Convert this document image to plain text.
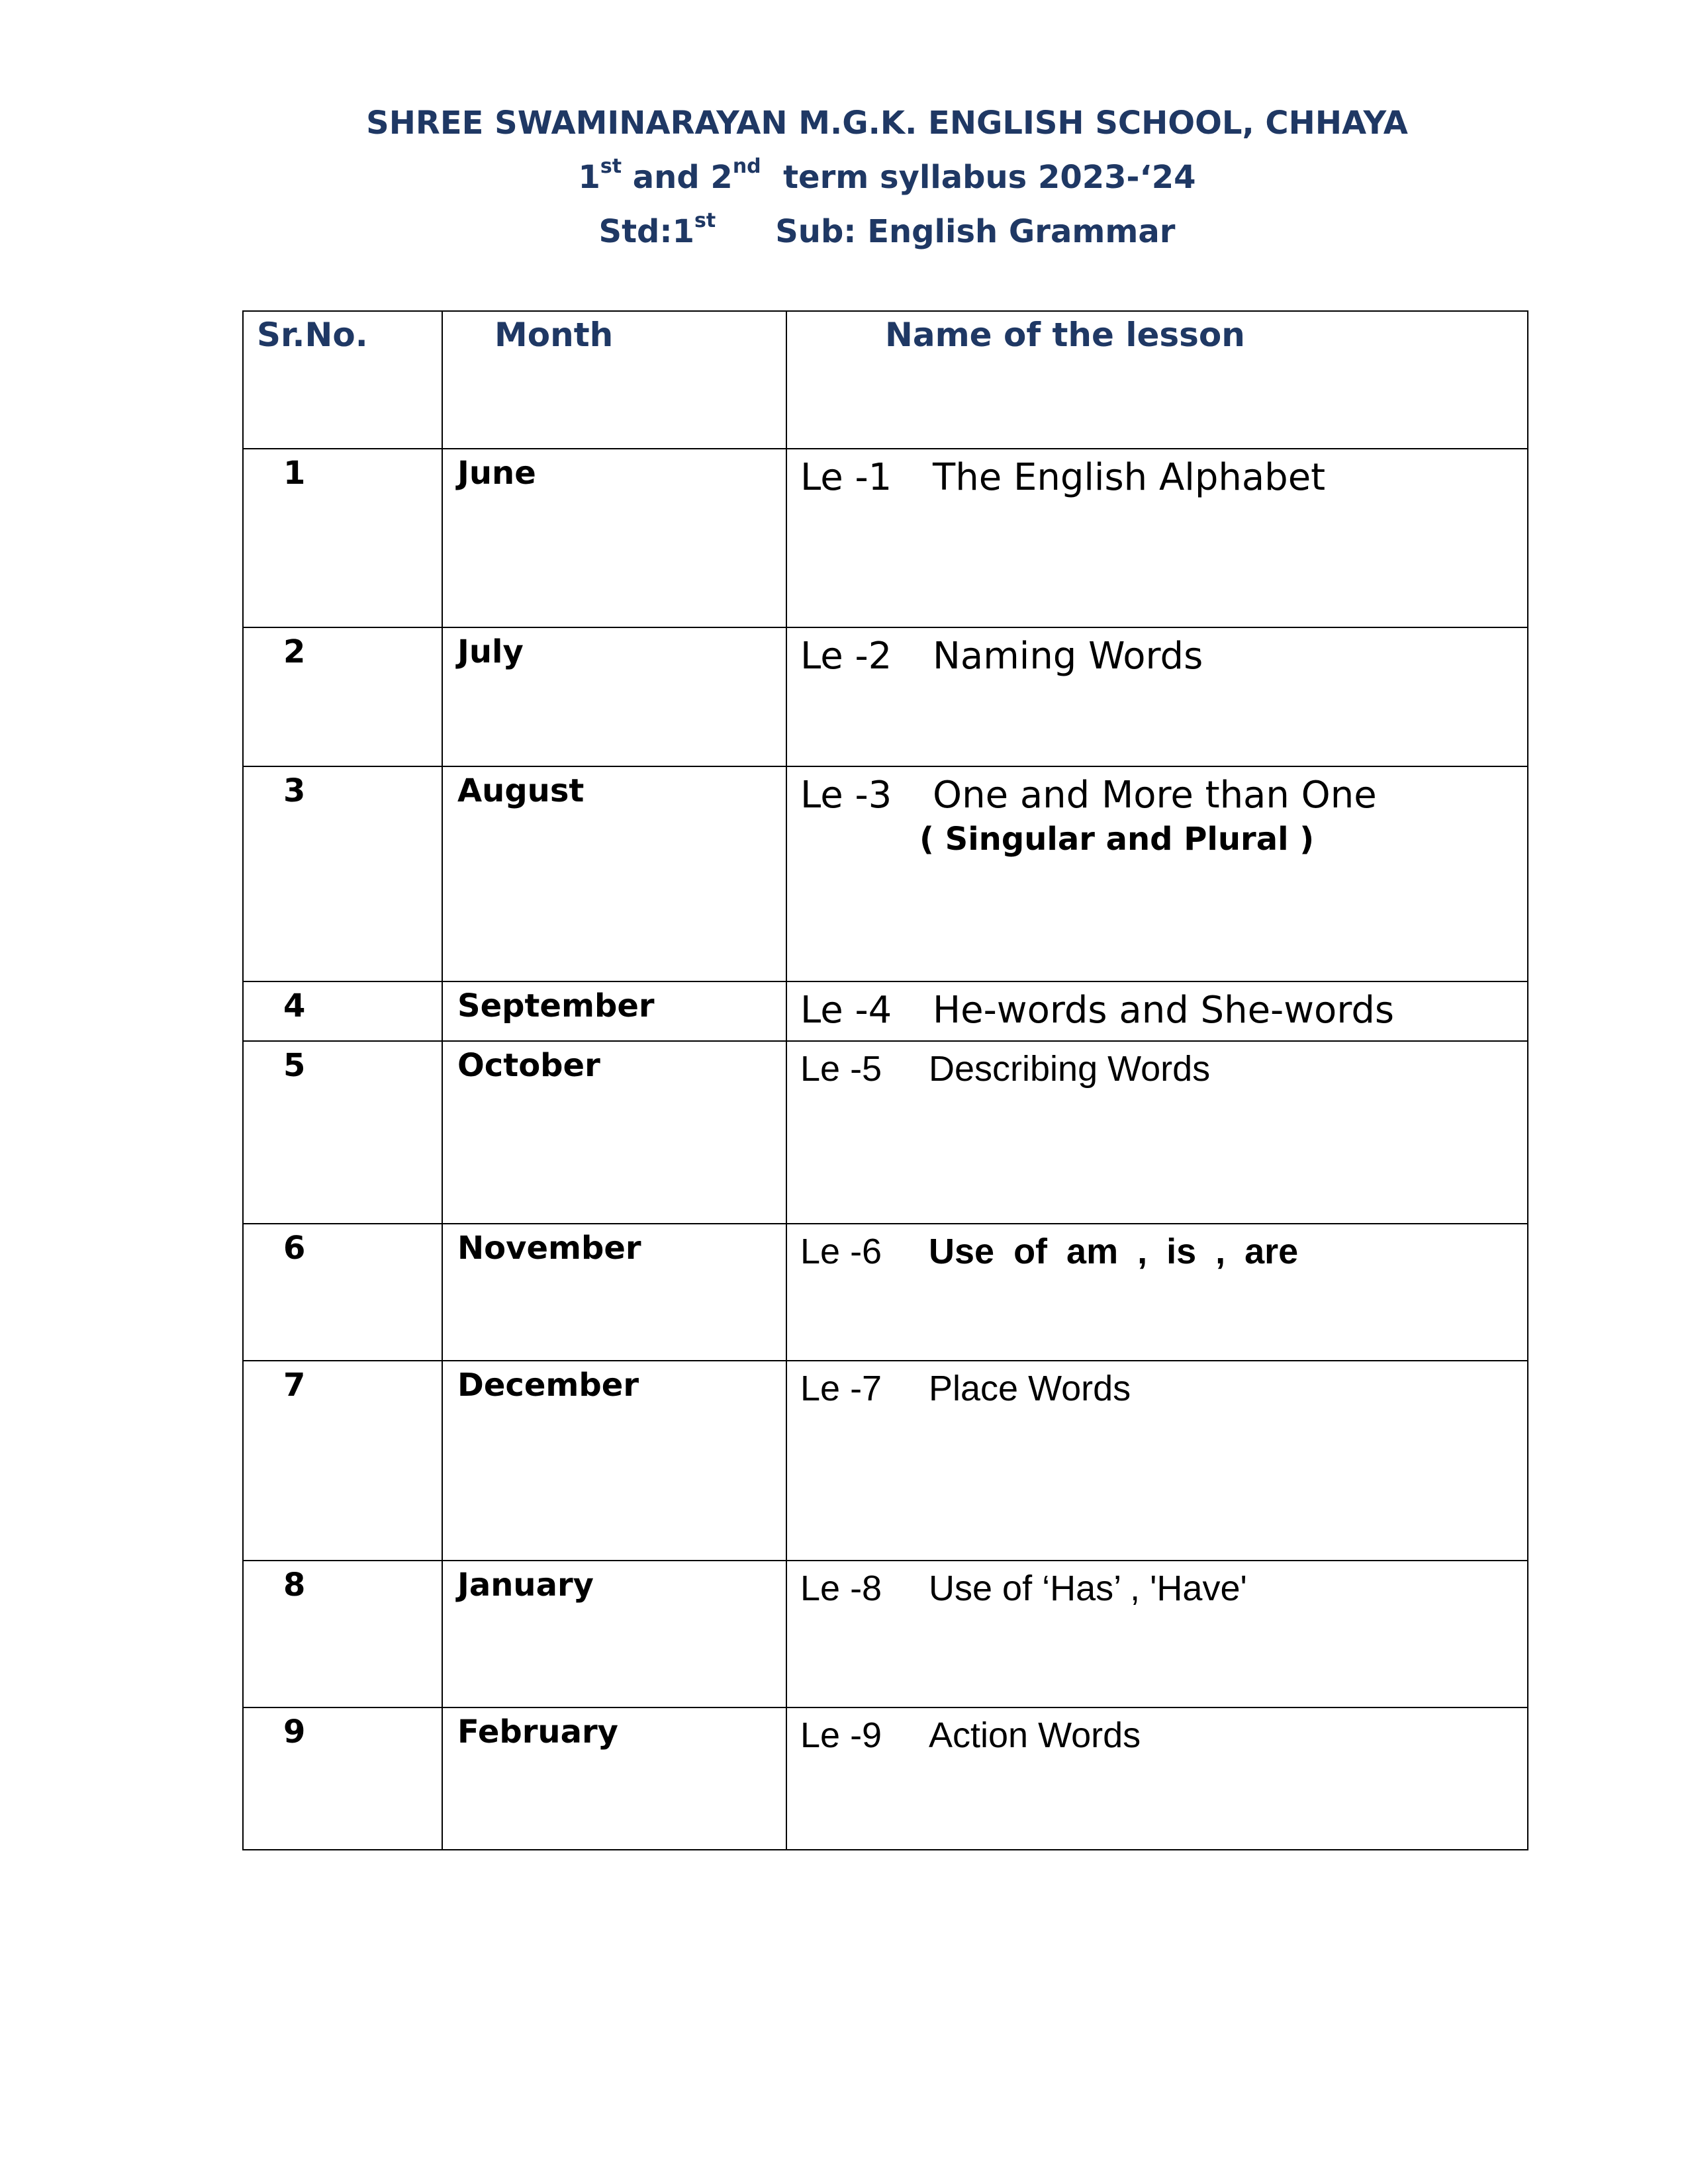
SHREE SWAMINARAYAN M.G.K. ENGLISH SCHOOL, CHHAYA
1st and 2nd  term syllabus 2023-‘24
Std:1st Sub: English Grammar
Sr.No.	Month	Name of the lesson
1	June	Le -1 The English Alphabet
2	July	Le -2 Naming Words
3	August	Le -3 One and More than One
( Singular and Plural )

4	September	Le -4 He-words and She-words
5	October	Le -5 Describing Words
6	November	Le -6 Use of am , is , are
7	December	Le -7 Place Words
8	January	Le -8 Use of ‘Has’ , 'Have'
9	February	Le -9 Action Words
